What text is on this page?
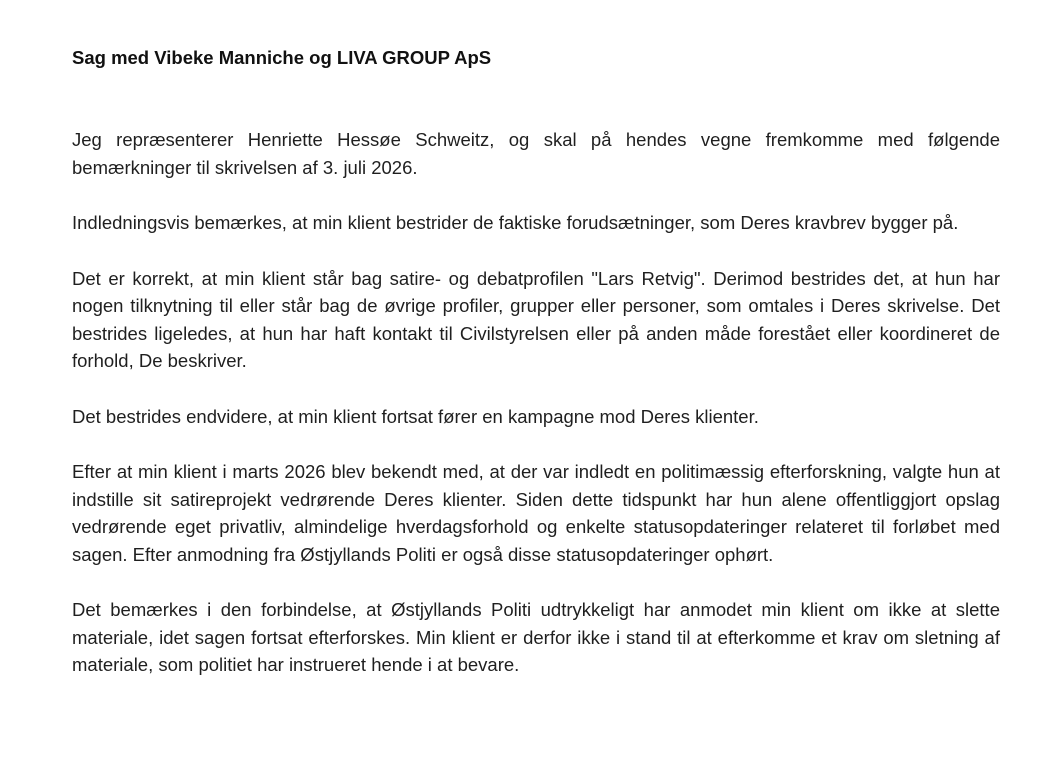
Sag med Vibeke Manniche og LIVA GROUP ApS

Jeg repræsenterer Henriette Hessøe Schweitz, og skal på hendes vegne fremkomme med følgende bemærkninger til skrivelsen af 3. juli 2026.

Indledningsvis bemærkes, at min klient bestrider de faktiske forudsætninger, som Deres kravbrev bygger på.

Det er korrekt, at min klient står bag satire- og debatprofilen "Lars Retvig". Derimod bestrides det, at hun har nogen tilknytning til eller står bag de øvrige profiler, grupper eller personer, som omtales i Deres skrivelse. Det bestrides ligeledes, at hun har haft kontakt til Civilstyrelsen eller på anden måde forestået eller koordineret de forhold, De beskriver.

Det bestrides endvidere, at min klient fortsat fører en kampagne mod Deres klienter.

Efter at min klient i marts 2026 blev bekendt med, at der var indledt en politimæssig efterforskning, valgte hun at indstille sit satireprojekt vedrørende Deres klienter. Siden dette tidspunkt har hun alene offentliggjort opslag vedrørende eget privatliv, almindelige hverdagsforhold og enkelte statusopdateringer relateret til forløbet med sagen. Efter anmodning fra Østjyllands Politi er også disse statusopdateringer ophørt.

Det bemærkes i den forbindelse, at Østjyllands Politi udtrykkeligt har anmodet min klient om ikke at slette materiale, idet sagen fortsat efterforskes. Min klient er derfor ikke i stand til at efterkomme et krav om sletning af materiale, som politiet har instrueret hende i at bevare.
